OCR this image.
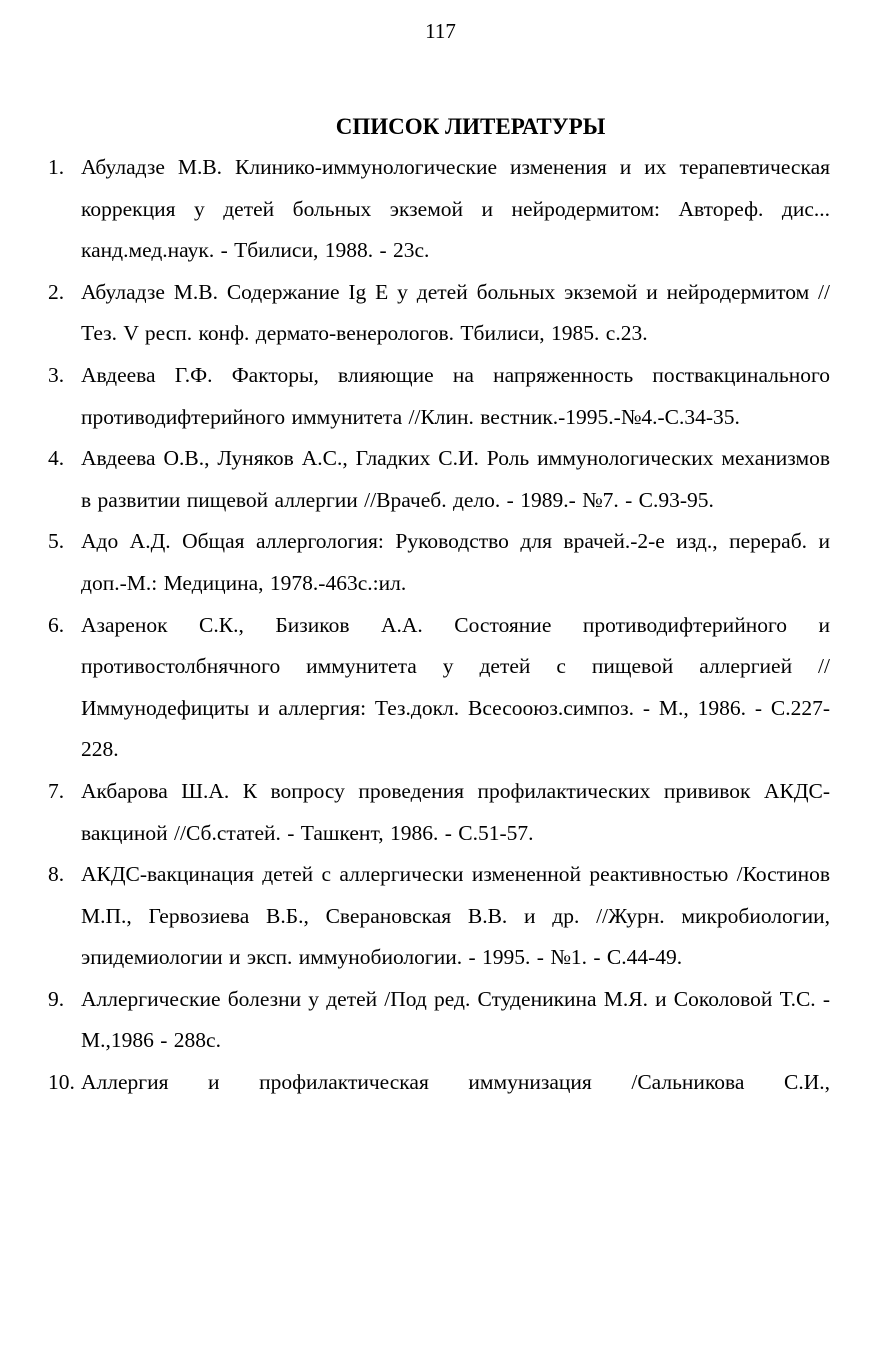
117
СПИСОК ЛИТЕРАТУРЫ
1. Абуладзе М.В. Клинико-иммунологические изменения и их терапевтическая коррекция у детей больных экземой и нейродермитом: Автореф. дис... канд.мед.наук. - Тбилиси, 1988. - 23с.
2. Абуладзе М.В. Содержание Ig E у детей больных экземой и нейродермитом //Тез. V респ. конф. дермато-венерологов. Тбилиси, 1985. с.23.
3. Авдеева Г.Ф. Факторы, влияющие на напряженность поствакцинального противодифтерийного иммунитета //Клин. вестник.-1995.-№4.-С.34-35.
4. Авдеева О.В., Луняков А.С., Гладких С.И. Роль иммунологических механизмов в развитии пищевой аллергии //Врачеб. дело. - 1989.- №7. - С.93-95.
5. Адо А.Д. Общая аллергология: Руководство для врачей.-2-е изд., перераб. и доп.-М.: Медицина, 1978.-463с.:ил.
6. Азаренок С.К., Бизиков А.А. Состояние противодифтерийного и противостолбнячного иммунитета у детей с пищевой аллергией //Иммунодефициты и аллергия: Тез.докл. Всесооюз.симпоз. - М., 1986. - С.227-228.
7. Акбарова Ш.А. К вопросу проведения профилактических прививок АКДС-вакциной //Сб.статей. - Ташкент, 1986. - С.51-57.
8. АКДС-вакцинация детей с аллергически измененной реактивностью /Костинов М.П., Гервозиева В.Б., Сверановская В.В. и др. //Журн. микробиологии, эпидемиологии и эксп. иммунобиологии. - 1995. - №1. - С.44-49.
9. Аллергические болезни у детей /Под ред. Студеникина М.Я. и Соколовой Т.С. - М.,1986 - 288с.
10. Аллергия и профилактическая иммунизация /Сальникова С.И.,
